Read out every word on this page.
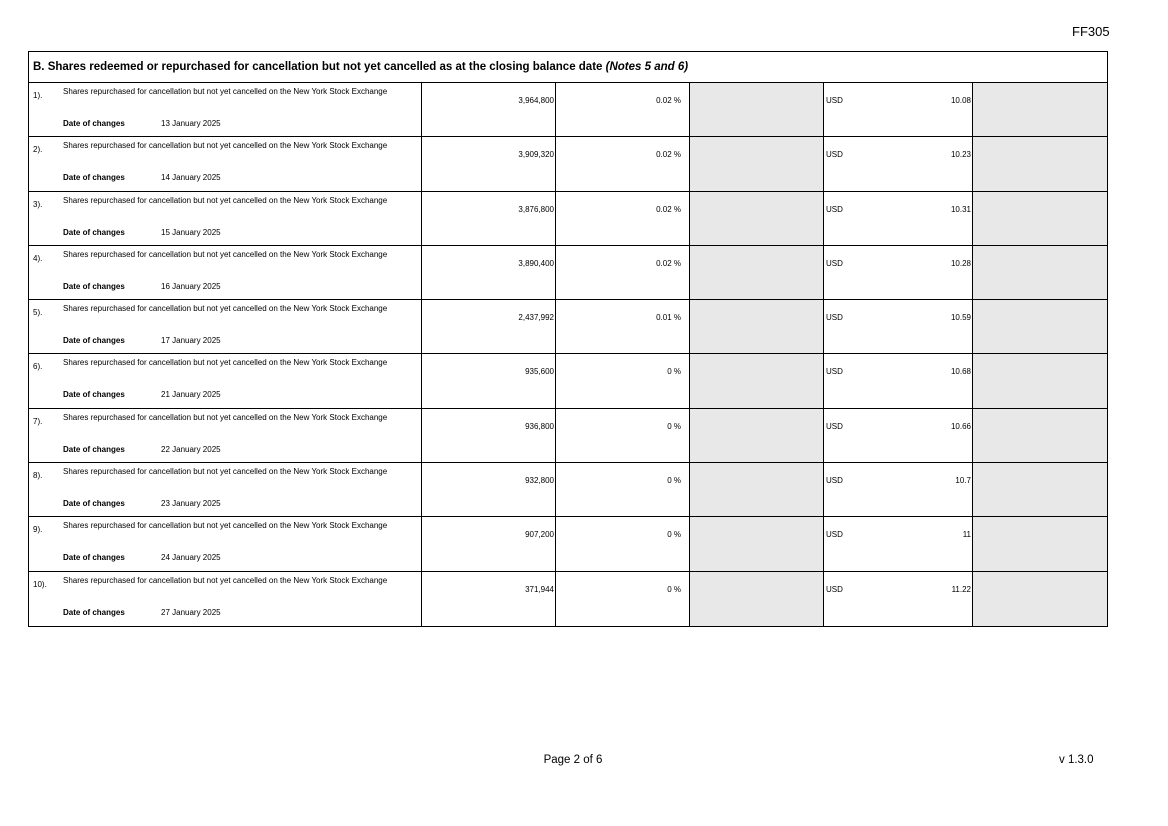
FF305
B. Shares redeemed or repurchased for cancellation but not yet cancelled as at the closing balance date (Notes 5 and 6)
1).	Shares repurchased for cancellation but not yet cancelled on the New York Stock Exchange
Date of changes	13 January 2025
3,964,800	0.02 %	USD	10.08
2).	Shares repurchased for cancellation but not yet cancelled on the New York Stock Exchange
Date of changes	14 January 2025
3,909,320	0.02 %	USD	10.23
3).	Shares repurchased for cancellation but not yet cancelled on the New York Stock Exchange
Date of changes	15 January 2025
3,876,800	0.02 %	USD	10.31
4).	Shares repurchased for cancellation but not yet cancelled on the New York Stock Exchange
Date of changes	16 January 2025
3,890,400	0.02 %	USD	10.28
5).	Shares repurchased for cancellation but not yet cancelled on the New York Stock Exchange
Date of changes	17 January 2025
2,437,992	0.01 %	USD	10.59
6).	Shares repurchased for cancellation but not yet cancelled on the New York Stock Exchange
Date of changes	21 January 2025
935,600	0 %	USD	10.68
7).	Shares repurchased for cancellation but not yet cancelled on the New York Stock Exchange
Date of changes	22 January 2025
936,800	0 %	USD	10.66
8).	Shares repurchased for cancellation but not yet cancelled on the New York Stock Exchange
Date of changes	23 January 2025
932,800	0 %	USD	10.7
9).	Shares repurchased for cancellation but not yet cancelled on the New York Stock Exchange
Date of changes	24 January 2025
907,200	0 %	USD	11
10). Shares repurchased for cancellation but not yet cancelled on the New York Stock Exchange
Date of changes	27 January 2025
371,944	0 %	USD	11.22
Page 2 of 6	v 1.3.0
